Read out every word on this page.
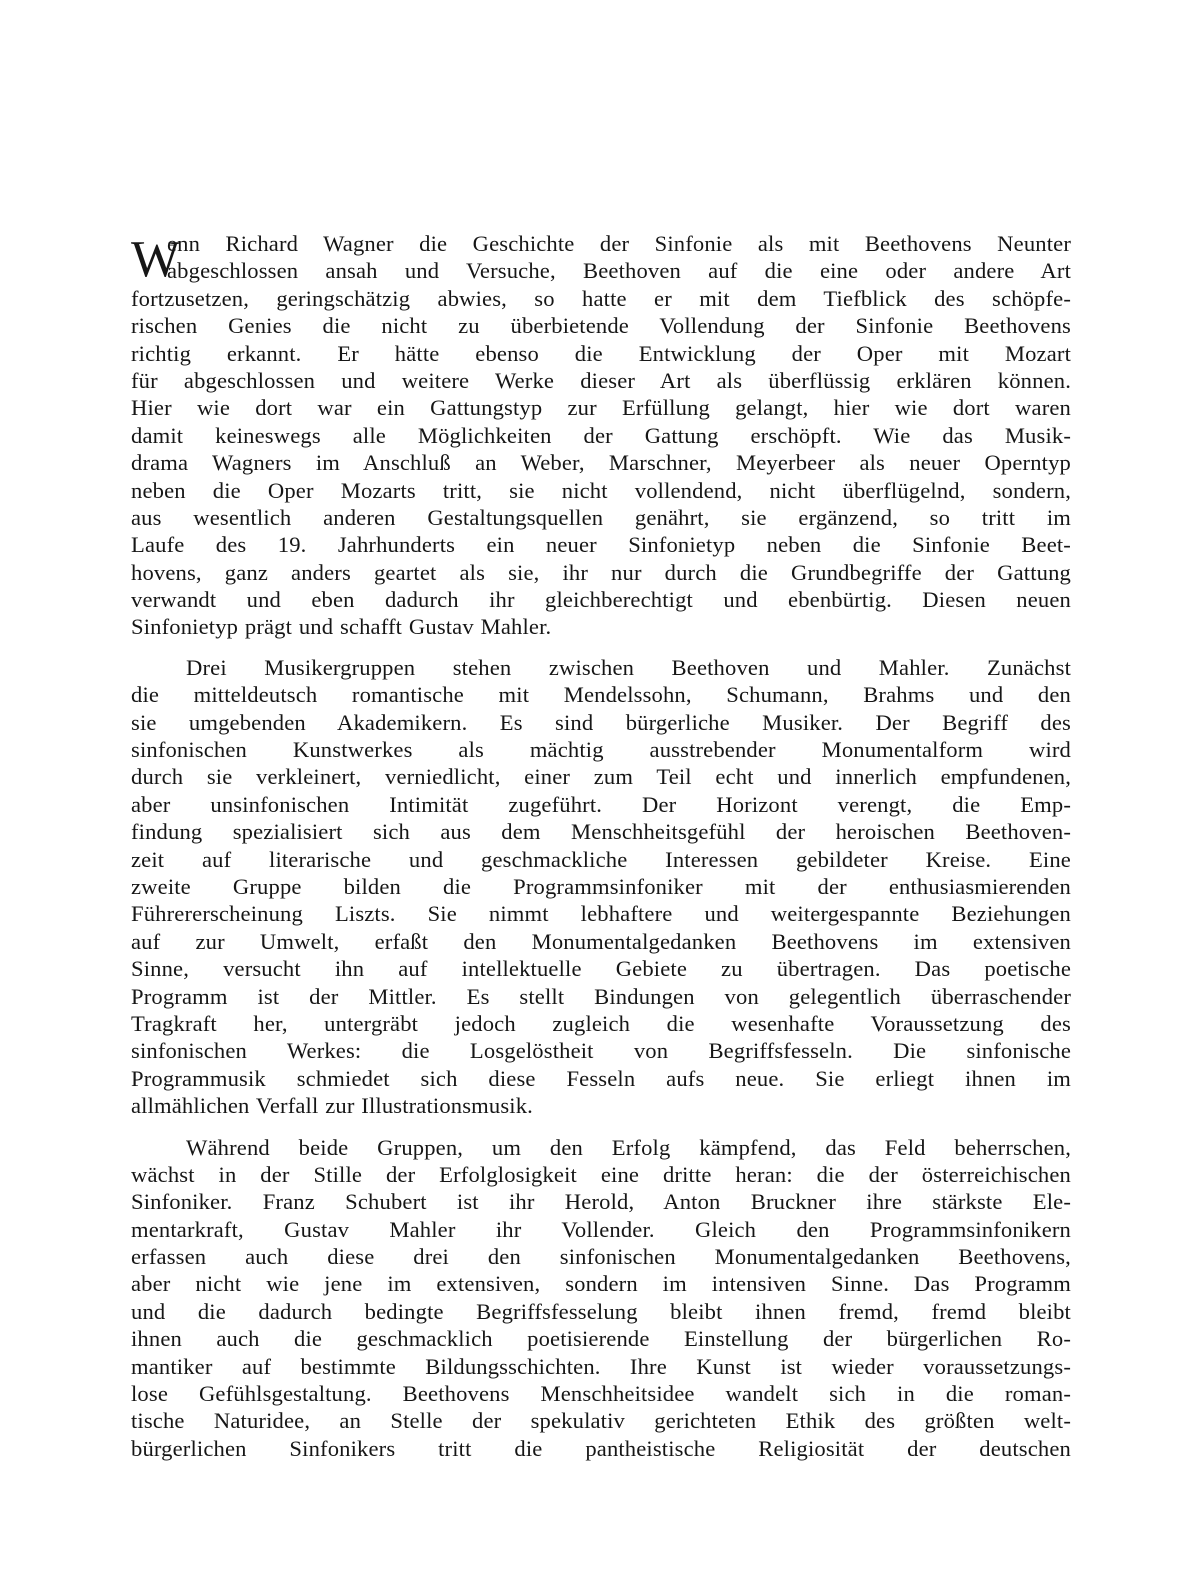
W

enn Richard Wagner die Geschichte der Sinfonie als mit Beethovens Neunter
abgeschlossen ansah und Versuche, Beethoven auf die eine oder andere Art
fortzusetzen, geringschätzig abwies, so hatte er mit dem Tiefblick des schöpfe-
rischen Genies die nicht zu überbietende Vollendung der Sinfonie Beethovens
richtig erkannt. Er hätte ebenso die Entwicklung der Oper mit Mozart
für abgeschlossen und weitere Werke dieser Art als überflüssig erklären können.
Hier wie dort war ein Gattungstyp zur Erfüllung gelangt, hier wie dort waren
damit keineswegs alle Möglichkeiten der Gattung erschöpft. Wie das Musik-
drama Wagners im Anschluß an Weber, Marschner, Meyerbeer als neuer Operntyp
neben die Oper Mozarts tritt, sie nicht vollendend, nicht überflügelnd, sondern,
aus wesentlich anderen Gestaltungsquellen genährt, sie ergänzend, so tritt im
Laufe des 19. Jahrhunderts ein neuer Sinfonietyp neben die Sinfonie Beet-
hovens, ganz anders geartet als sie, ihr nur durch die Grundbegriffe der Gattung
verwandt und eben dadurch ihr gleichberechtigt und ebenbürtig. Diesen neuen
Sinfonietyp prägt und schafft Gustav Mahler.

Drei Musikergruppen stehen zwischen Beethoven und Mahler. Zunächst
die mitteldeutsch romantische mit Mendelssohn, Schumann, Brahms und den
sie umgebenden Akademikern. Es sind bürgerliche Musiker. Der Begriff des
sinfonischen Kunstwerkes als mächtig ausstrebender Monumentalform wird
durch sie verkleinert, verniedlicht, einer zum Teil echt und innerlich empfundenen,
aber unsinfonischen Intimität zugeführt. Der Horizont verengt, die Emp-
findung spezialisiert sich aus dem Menschheitsgefühl der heroischen Beethoven-
zeit auf literarische und geschmackliche Interessen gebildeter Kreise. Eine
zweite Gruppe bilden die Programmsinfoniker mit der enthusiasmierenden
Führererscheinung Liszts. Sie nimmt lebhaftere und weitergespannte Beziehungen
auf zur Umwelt, erfaßt den Monumentalgedanken Beethovens im extensiven
Sinne, versucht ihn auf intellektuelle Gebiete zu übertragen. Das poetische
Programm ist der Mittler. Es stellt Bindungen von gelegentlich überraschender
Tragkraft her, untergräbt jedoch zugleich die wesenhafte Voraussetzung des
sinfonischen Werkes: die Losgelöstheit von Begriffsfesseln. Die sinfonische
Programmusik schmiedet sich diese Fesseln aufs neue. Sie erliegt ihnen im
allmählichen Verfall zur Illustrationsmusik.

Während beide Gruppen, um den Erfolg kämpfend, das Feld beherrschen,
wächst in der Stille der Erfolglosigkeit eine dritte heran: die der österreichischen
Sinfoniker. Franz Schubert ist ihr Herold, Anton Bruckner ihre stärkste Ele-
mentarkraft, Gustav Mahler ihr Vollender. Gleich den Programmsinfonikern
erfassen auch diese drei den sinfonischen Monumentalgedanken Beethovens,
aber nicht wie jene im extensiven, sondern im intensiven Sinne. Das Programm
und die dadurch bedingte Begriffsfesselung bleibt ihnen fremd, fremd bleibt
ihnen auch die geschmacklich poetisierende Einstellung der bürgerlichen Ro-
mantiker auf bestimmte Bildungsschichten. Ihre Kunst ist wieder voraussetzungs-
lose Gefühlsgestaltung. Beethovens Menschheitsidee wandelt sich in die roman-
tische Naturidee, an Stelle der spekulativ gerichteten Ethik des größten welt-
bürgerlichen Sinfonikers tritt die pantheistische Religiosität der deutschen
